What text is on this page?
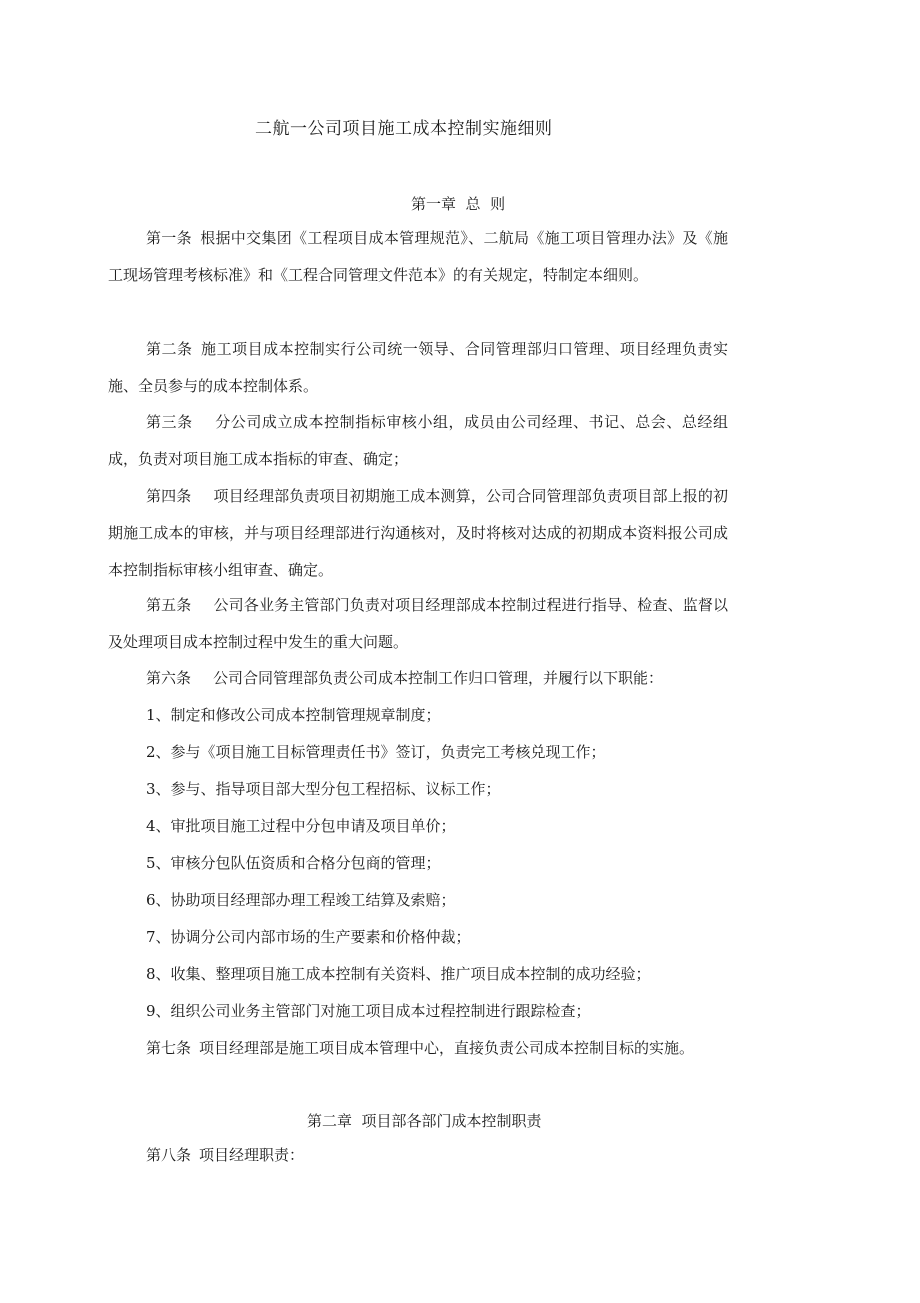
二航一公司项目施工成本控制实施细则
第一章  总  则

第一条 根据中交集团《工程项目成本管理规范》、二航局《施工项目管理办法》及《施工现场管理考核标准》和《工程合同管理文件范本》的有关规定，特制定本细则。

第二条 施工项目成本控制实行公司统一领导、合同管理部归口管理、项目经理负责实施、全员参与的成本控制体系。

第三条 分公司成立成本控制指标审核小组，成员由公司经理、书记、总会、总经组成，负责对项目施工成本指标的审查、确定；

第四条 项目经理部负责项目初期施工成本测算，公司合同管理部负责项目部上报的初期施工成本的审核，并与项目经理部进行沟通核对，及时将核对达成的初期成本资料报公司成本控制指标审核小组审查、确定。

第五条 公司各业务主管部门负责对项目经理部成本控制过程进行指导、检查、监督以及处理项目成本控制过程中发生的重大问题。

第六条 公司合同管理部负责公司成本控制工作归口管理，并履行以下职能：

1、制定和修改公司成本控制管理规章制度；
2、参与《项目施工目标管理责任书》签订，负责完工考核兑现工作；
3、参与、指导项目部大型分包工程招标、议标工作；
4、审批项目施工过程中分包申请及项目单价；
5、审核分包队伍资质和合格分包商的管理；
6、协助项目经理部办理工程竣工结算及索赔；
7、协调分公司内部市场的生产要素和价格仲裁；
8、收集、整理项目施工成本控制有关资料、推广项目成本控制的成功经验；
9、组织公司业务主管部门对施工项目成本过程控制进行跟踪检查；

第七条 项目经理部是施工项目成本管理中心，直接负责公司成本控制目标的实施。

第二章  项目部各部门成本控制职责

第八条 项目经理职责：
